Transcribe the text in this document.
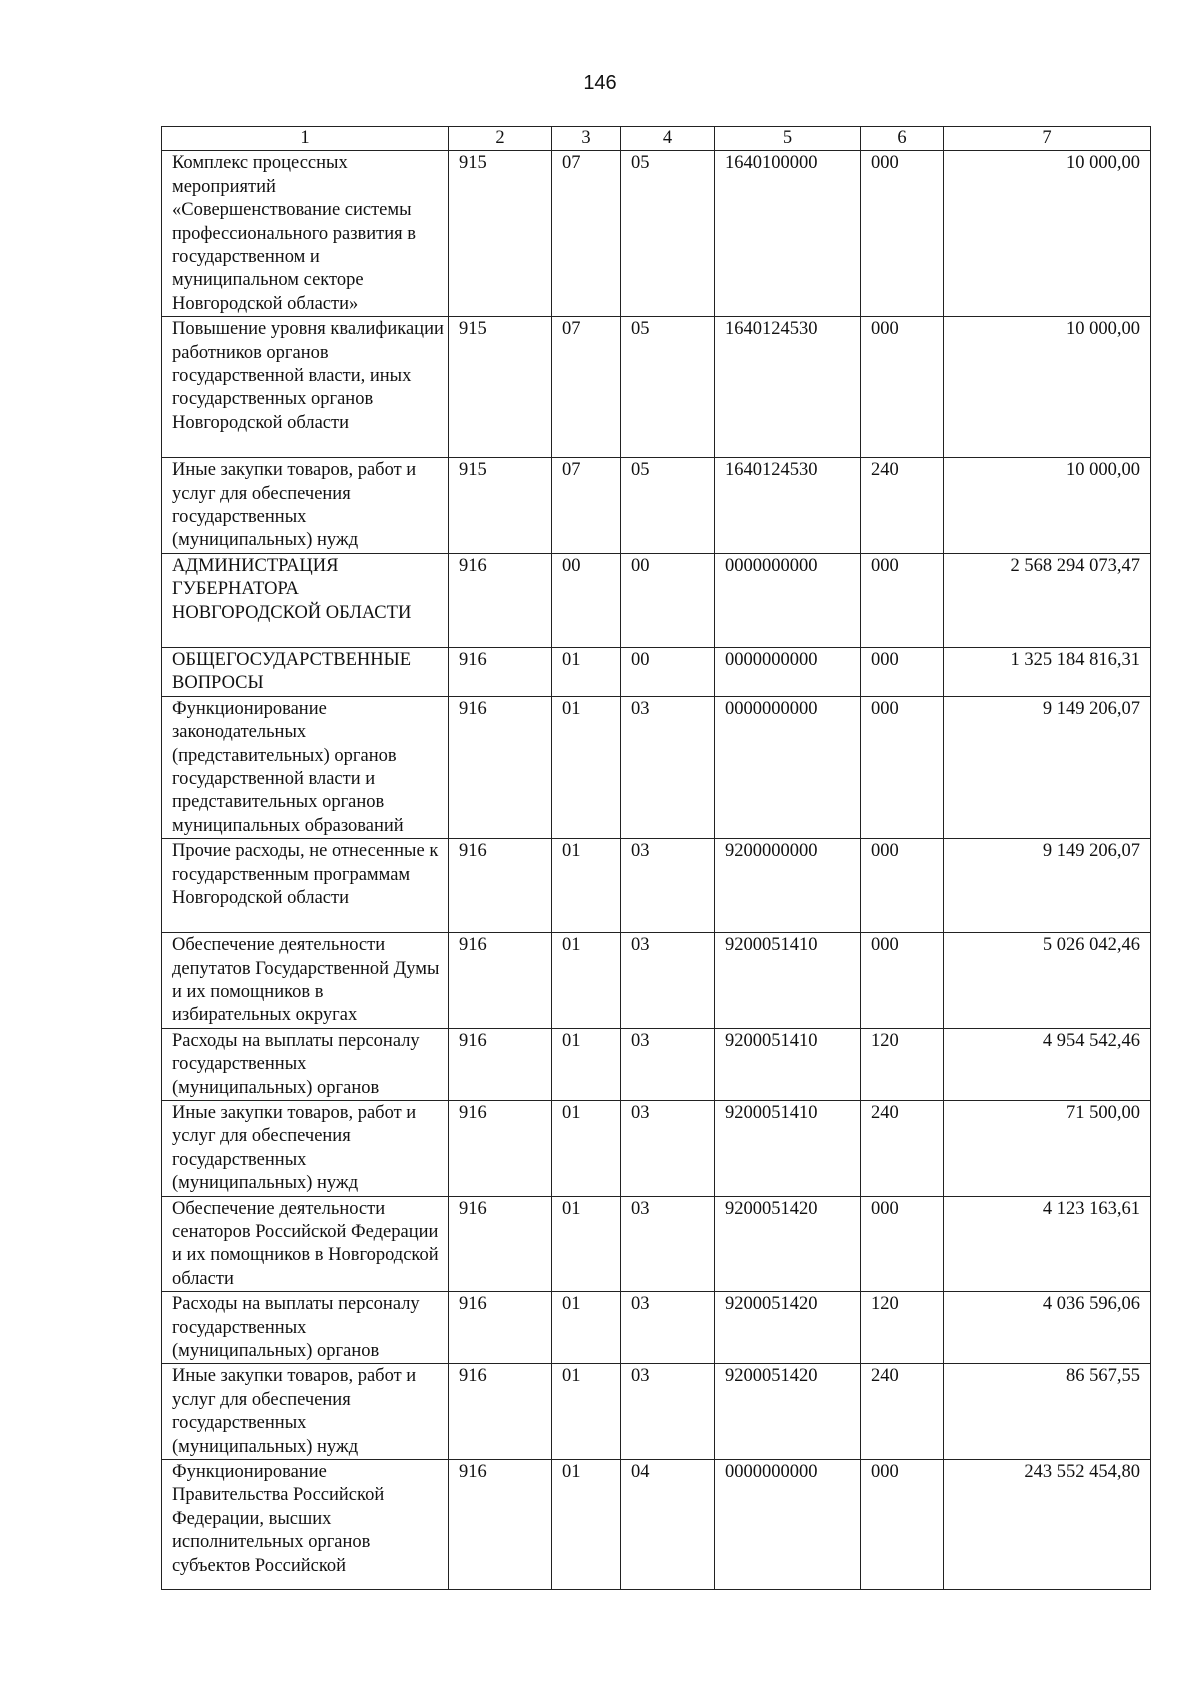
146
1	2	3	4	5	6	7
Комплекс процессных мероприятий «Совершенствование системы профессионального развития в государственном и муниципальном секторе Новгородской области»	915	07	05	1640100000	000	10 000,00
Повышение уровня квалификации работников органов государственной власти, иных государственных органов Новгородской области	915	07	05	1640124530	000	10 000,00
Иные закупки товаров, работ и услуг для обеспечения государственных (муниципальных) нужд	915	07	05	1640124530	240	10 000,00
АДМИНИСТРАЦИЯ ГУБЕРНАТОРА НОВГОРОДСКОЙ ОБЛАСТИ	916	00	00	0000000000	000	2 568 294 073,47
ОБЩЕГОСУДАРСТВЕННЫЕ ВОПРОСЫ	916	01	00	0000000000	000	1 325 184 816,31
Функционирование законодательных (представительных) органов государственной власти и представительных органов муниципальных образований	916	01	03	0000000000	000	9 149 206,07
Прочие расходы, не отнесенные к государственным программам Новгородской области	916	01	03	9200000000	000	9 149 206,07
Обеспечение деятельности депутатов Государственной Думы и их помощников в избирательных округах	916	01	03	9200051410	000	5 026 042,46
Расходы на выплаты персоналу государственных (муниципальных) органов	916	01	03	9200051410	120	4 954 542,46
Иные закупки товаров, работ и услуг для обеспечения государственных (муниципальных) нужд	916	01	03	9200051410	240	71 500,00
Обеспечение деятельности сенаторов Российской Федерации и их помощников в Новгородской области	916	01	03	9200051420	000	4 123 163,61
Расходы на выплаты персоналу государственных (муниципальных) органов	916	01	03	9200051420	120	4 036 596,06
Иные закупки товаров, работ и услуг для обеспечения государственных (муниципальных) нужд	916	01	03	9200051420	240	86 567,55
Функционирование Правительства Российской Федерации, высших исполнительных органов субъектов Российской	916	01	04	0000000000	000	243 552 454,80
